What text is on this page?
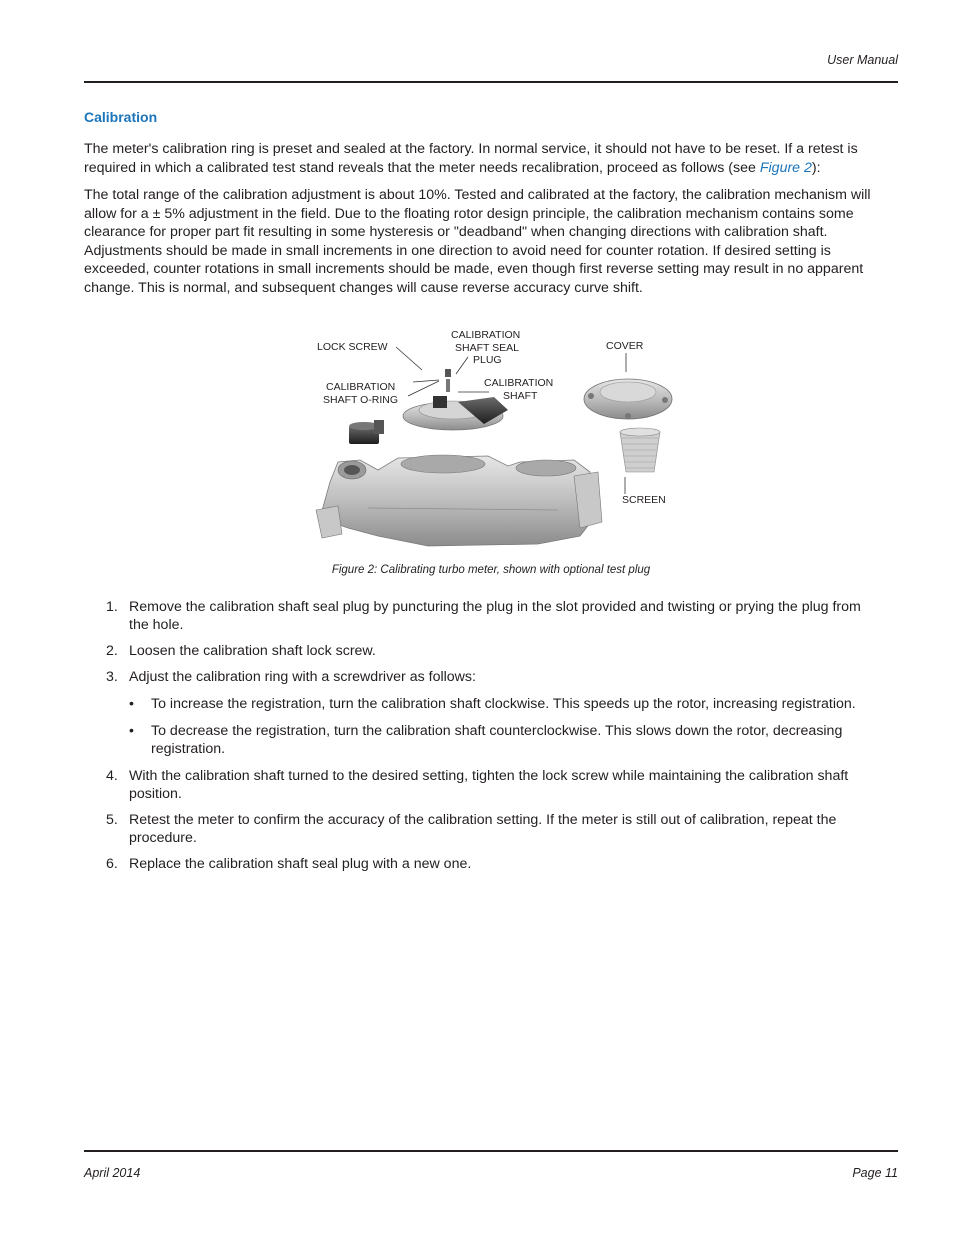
User Manual
Calibration

The meter's calibration ring is preset and sealed at the factory. In normal service, it should not have to be reset. If a retest is required in which a calibrated test stand reveals that the meter needs recalibration, proceed as follows (see Figure 2):

The total range of the calibration adjustment is about 10%. Tested and calibrated at the factory, the calibration mechanism will allow for a ± 5% adjustment in the field. Due to the floating rotor design principle, the calibration mechanism contains some clearance for proper part fit resulting in some hysteresis or "deadband" when changing directions with calibration shaft. Adjustments should be made in small increments in one direction to avoid need for counter rotation. If desired setting is exceeded, counter rotations in small increments should be made, even though first reverse setting may result in no apparent change. This is normal, and subsequent changes will cause reverse accuracy curve shift.

LOCK SCREW
CALIBRATION
SHAFT SEAL
PLUG
COVER
CALIBRATION
SHAFT O-RING
CALIBRATION
SHAFT
SCREEN
Figure 2: Calibrating turbo meter, shown with optional test plug
1. Remove the calibration shaft seal plug by puncturing the plug in the slot provided and twisting or prying the plug from the hole.
2. Loosen the calibration shaft lock screw.
3. Adjust the calibration ring with a screwdriver as follows:
• To increase the registration, turn the calibration shaft clockwise. This speeds up the rotor, increasing registration.
• To decrease the registration, turn the calibration shaft counterclockwise. This slows down the rotor, decreasing registration.
4. With the calibration shaft turned to the desired setting, tighten the lock screw while maintaining the calibration shaft position.
5. Retest the meter to confirm the accuracy of the calibration setting. If the meter is still out of calibration, repeat the procedure.
6. Replace the calibration shaft seal plug with a new one.
April 2014	Page 11
